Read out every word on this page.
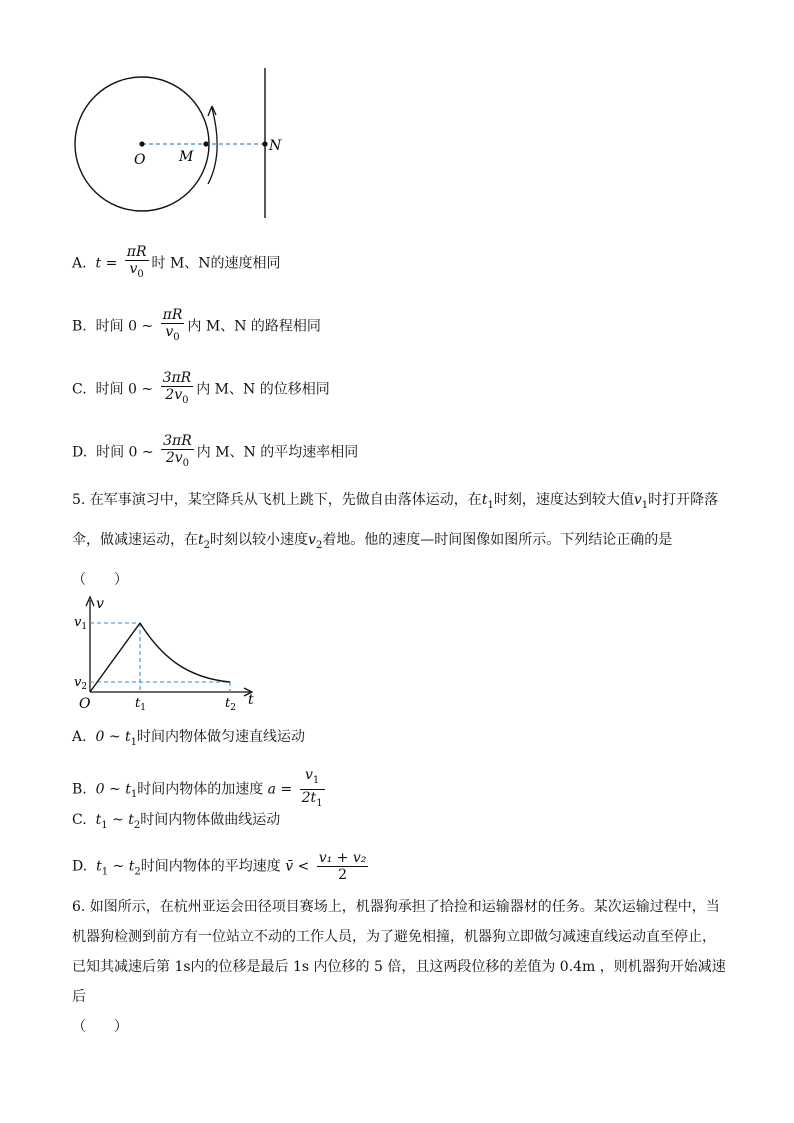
O M
N
A. $t = \frac{\pi R}{v_0}$ 时 M、N的速度相同
B. 时间 0 ~ $\frac{\pi R}{v_0}$ 内 M、N 的路程相同
C. 时间 0 ~ $\frac{3\pi R}{2v_0}$ 内 M、N 的位移相同
D. 时间 0 ~ $\frac{3\pi R}{2v_0}$ 内 M、N 的平均速率相同
5. 在军事演习中，某空降兵从飞机上跳下，先做自由落体运动，在$t_1$时刻，速度达到较大值$v_1$时打开降落
伞，做减速运动，在$t_2$时刻以较小速度$v_2$着地。他的速度—时间图像如图所示。下列结论正确的是
（　　）
v
t
O
$v_1$
$v_2$
$t_1$	$t_2$
A. 0 ~ $t_1$时间内物体做匀速直线运动
B. 0 ~ $t_1$时间内物体的加速度 $a = \frac{v_1}{2t_1}$
C. $t_1$ ~ $t_2$时间内物体做曲线运动
D. $t_1$ ~ $t_2$时间内物体的平均速度 v̄ < $\frac{\text{v₁ + v₂}}{2}$
6. 如图所示，在杭州亚运会田径项目赛场上，机器狗承担了拾捡和运输器材的任务。某次运输过程中，当
机器狗检测到前方有一位站立不动的工作人员，为了避免相撞，机器狗立即做匀减速直线运动直至停止，
已知其减速后第 1s内的位移是最后 1s 内位移的 5 倍，且这两段位移的差值为 0.4m ，则机器狗开始减速后
（　　）
